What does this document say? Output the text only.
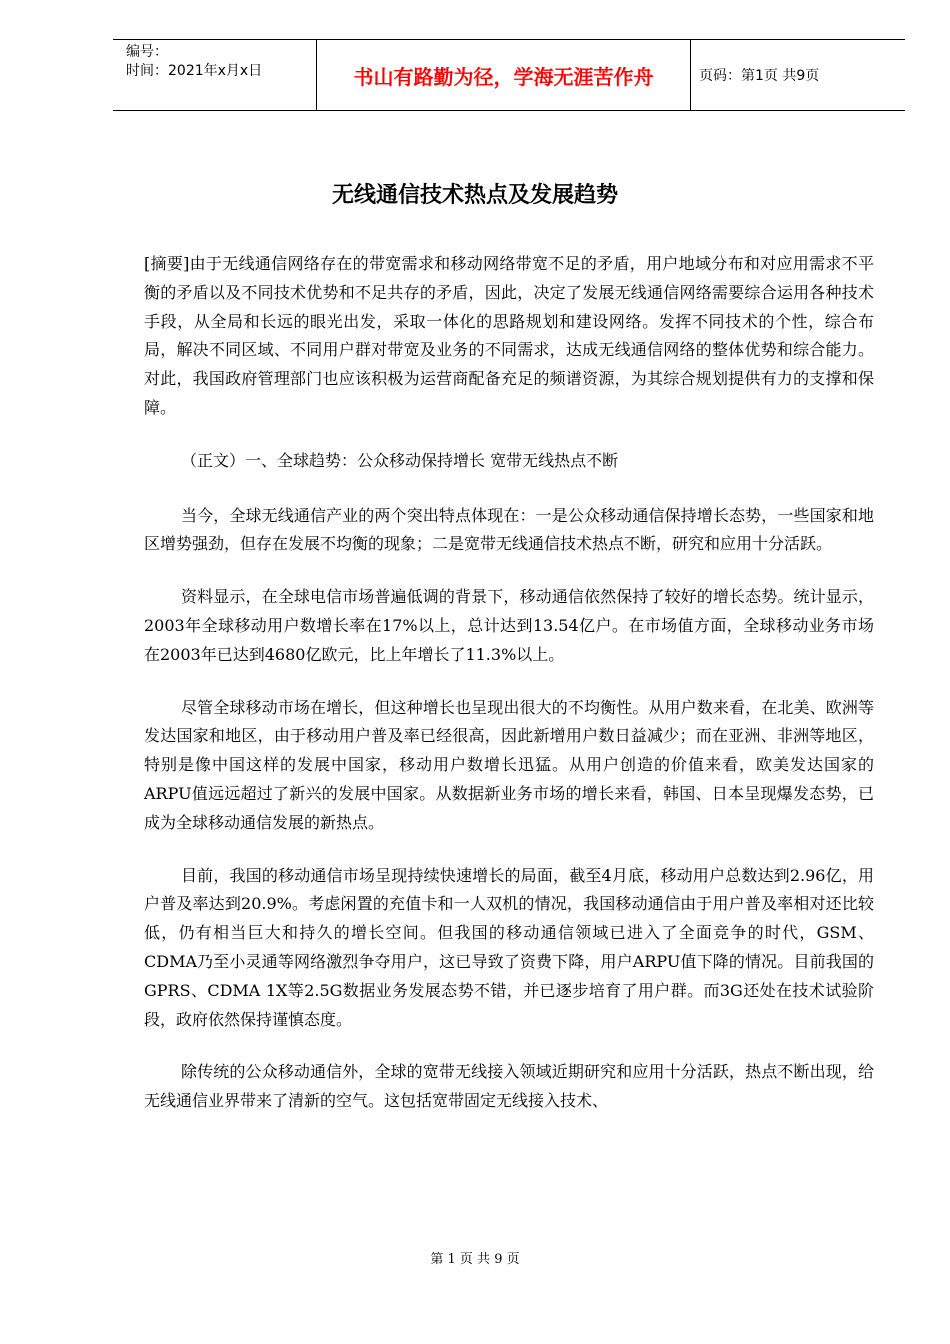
编号：
时间：2021年x月x日	书山有路勤为径，学海无涯苦作舟	页码：第1页 共9页
无线通信技术热点及发展趋势

[摘要]由于无线通信网络存在的带宽需求和移动网络带宽不足的矛盾，用户地域分布和对应用需求不平衡的矛盾以及不同技术优势和不足共存的矛盾，因此，决定了发展无线通信网络需要综合运用各种技术手段，从全局和长远的眼光出发，采取一体化的思路规划和建设网络。发挥不同技术的个性，综合布局，解决不同区域、不同用户群对带宽及业务的不同需求，达成无线通信网络的整体优势和综合能力。对此，我国政府管理部门也应该积极为运营商配备充足的频谱资源，为其综合规划提供有力的支撑和保障。

（正文）一、全球趋势：公众移动保持增长 宽带无线热点不断

当今，全球无线通信产业的两个突出特点体现在：一是公众移动通信保持增长态势，一些国家和地区增势强劲，但存在发展不均衡的现象；二是宽带无线通信技术热点不断，研究和应用十分活跃。

资料显示，在全球电信市场普遍低调的背景下，移动通信依然保持了较好的增长态势。统计显示，2003年全球移动用户数增长率在17%以上，总计达到13.54亿户。在市场值方面，全球移动业务市场在2003年已达到4680亿欧元，比上年增长了11.3%以上。

尽管全球移动市场在增长，但这种增长也呈现出很大的不均衡性。从用户数来看，在北美、欧洲等发达国家和地区，由于移动用户普及率已经很高，因此新增用户数日益减少；而在亚洲、非洲等地区，特别是像中国这样的发展中国家，移动用户数增长迅猛。从用户创造的价值来看，欧美发达国家的ARPU值远远超过了新兴的发展中国家。从数据新业务市场的增长来看，韩国、日本呈现爆发态势，已成为全球移动通信发展的新热点。

目前，我国的移动通信市场呈现持续快速增长的局面，截至4月底，移动用户总数达到2.96亿，用户普及率达到20.9%。考虑闲置的充值卡和一人双机的情况，我国移动通信由于用户普及率相对还比较低，仍有相当巨大和持久的增长空间。但我国的移动通信领域已进入了全面竞争的时代，GSM、CDMA乃至小灵通等网络激烈争夺用户，这已导致了资费下降，用户ARPU值下降的情况。目前我国的GPRS、CDMA 1X等2.5G数据业务发展态势不错，并已逐步培育了用户群。而3G还处在技术试验阶段，政府依然保持谨慎态度。

除传统的公众移动通信外，全球的宽带无线接入领域近期研究和应用十分活跃，热点不断出现，给无线通信业界带来了清新的空气。这包括宽带固定无线接入技术、

第 1 页 共 9 页
